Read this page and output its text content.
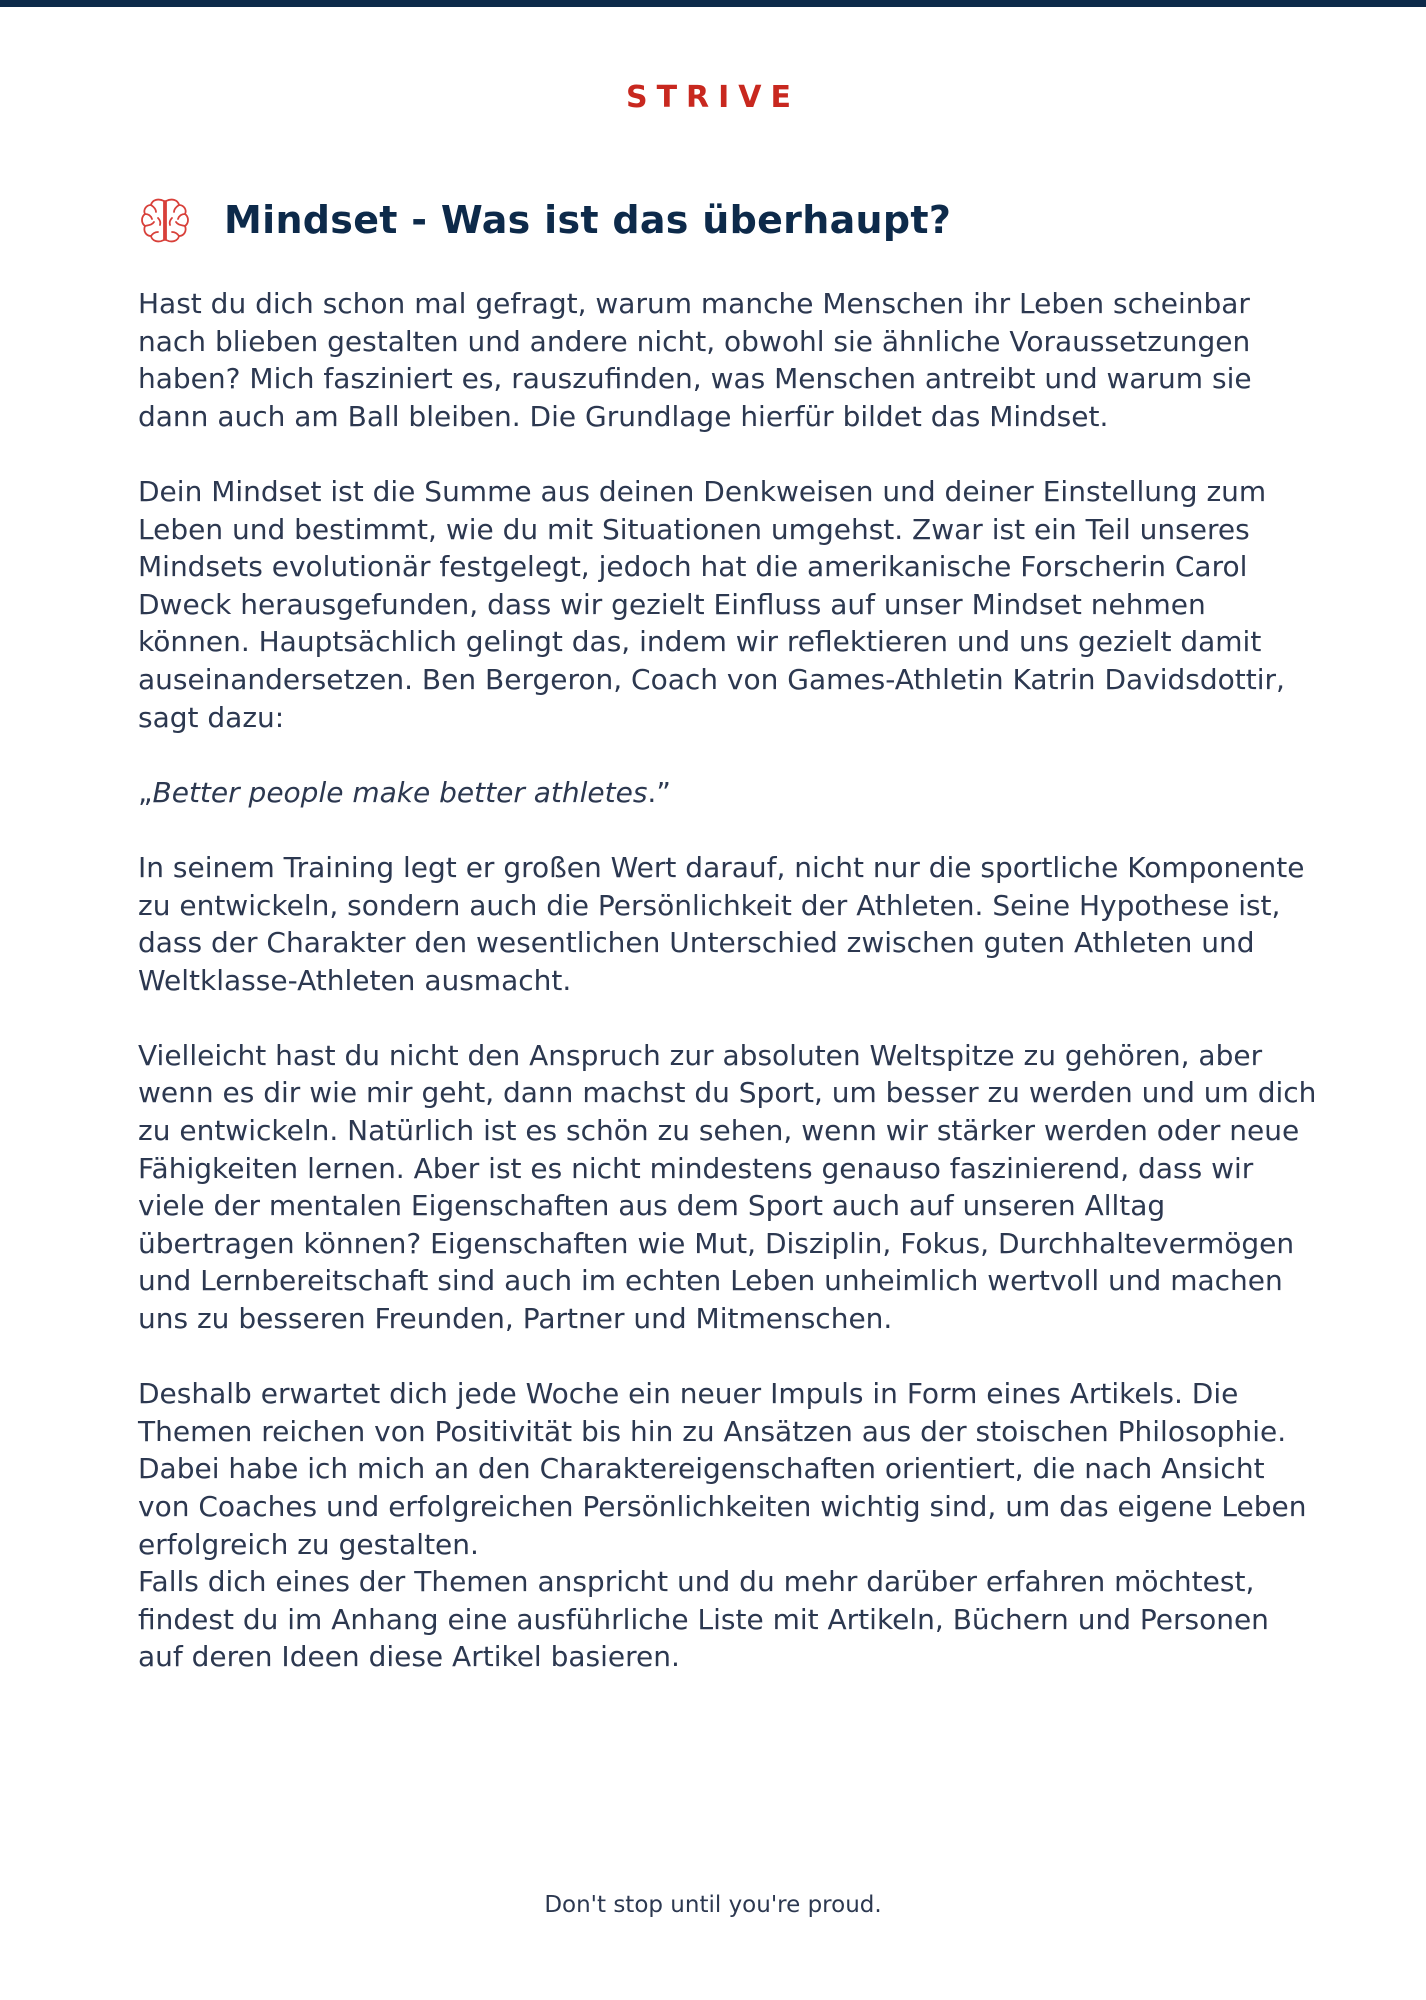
STRIVE
Mindset - Was ist das überhaupt?

Hast du dich schon mal gefragt, warum manche Menschen ihr Leben scheinbar nach blieben gestalten und andere nicht, obwohl sie ähnliche Voraussetzungen haben? Mich fasziniert es, rauszufinden, was Menschen antreibt und warum sie dann auch am Ball bleiben. Die Grundlage hierfür bildet das Mindset.

Dein Mindset ist die Summe aus deinen Denkweisen und deiner Einstellung zum Leben und bestimmt, wie du mit Situationen umgehst. Zwar ist ein Teil unseres Mindsets evolutionär festgelegt, jedoch hat die amerikanische Forscherin Carol Dweck herausgefunden, dass wir gezielt Einfluss auf unser Mindset nehmen können. Hauptsächlich gelingt das, indem wir reflektieren und uns gezielt damit auseinandersetzen. Ben Bergeron, Coach von Games-Athletin Katrin Davidsdottir, sagt dazu:

„Better people make better athletes.”

In seinem Training legt er großen Wert darauf, nicht nur die sportliche Komponente zu entwickeln, sondern auch die Persönlichkeit der Athleten. Seine Hypothese ist, dass der Charakter den wesentlichen Unterschied zwischen guten Athleten und Weltklasse-Athleten ausmacht.

Vielleicht hast du nicht den Anspruch zur absoluten Weltspitze zu gehören, aber wenn es dir wie mir geht, dann machst du Sport, um besser zu werden und um dich zu entwickeln. Natürlich ist es schön zu sehen, wenn wir stärker werden oder neue Fähigkeiten lernen. Aber ist es nicht mindestens genauso faszinierend, dass wir viele der mentalen Eigenschaften aus dem Sport auch auf unseren Alltag übertragen können? Eigenschaften wie Mut, Disziplin, Fokus, Durchhaltevermögen und Lernbereitschaft sind auch im echten Leben unheimlich wertvoll und machen uns zu besseren Freunden, Partner und Mitmenschen.

Deshalb erwartet dich jede Woche ein neuer Impuls in Form eines Artikels. Die Themen reichen von Positivität bis hin zu Ansätzen aus der stoischen Philosophie. Dabei habe ich mich an den Charaktereigenschaften orientiert, die nach Ansicht von Coaches und erfolgreichen Persönlichkeiten wichtig sind, um das eigene Leben erfolgreich zu gestalten.

Falls dich eines der Themen anspricht und du mehr darüber erfahren möchtest, findest du im Anhang eine ausführliche Liste mit Artikeln, Büchern und Personen auf deren Ideen diese Artikel basieren.

Don't stop until you're proud.
